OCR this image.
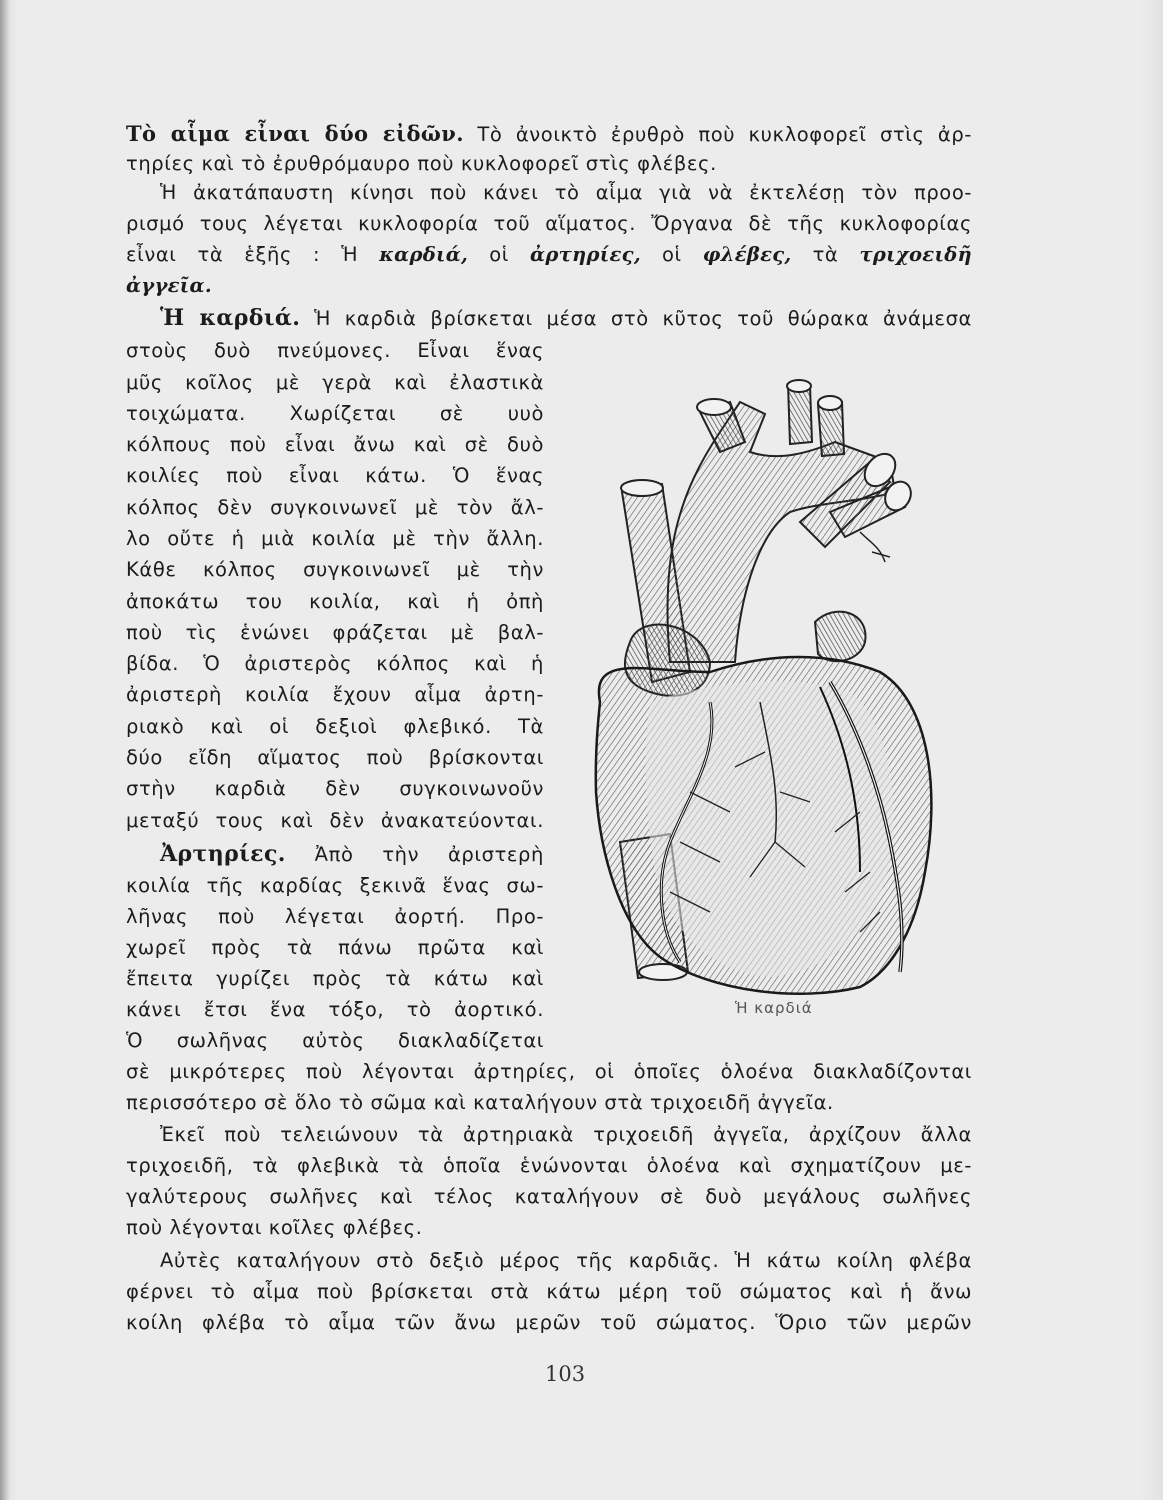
Τὸ αἷμα εἶναι δύο εἰδῶν. Τὸ ἀνοικτὸ ἐρυθρὸ ποὺ κυκλοφορεῖ στὶς ἀρ-
τηρίες καὶ τὸ ἐρυθρόμαυρο ποὺ κυκλοφορεῖ στὶς φλέβες.
Ἡ ἀκατάπαυστη κίνησι ποὺ κάνει τὸ αἷμα γιὰ νὰ ἐκτελέσῃ τὸν προο-
ρισμό τους λέγεται κυκλοφορία τοῦ αἵματος. Ὄργανα δὲ τῆς κυκλοφορίας
εἶναι τὰ ἑξῆς : Ἡ καρδιά, οἱ ἀρτηρίες, οἱ φλέβες, τὰ τριχοειδῆ
ἀγγεῖα.
Ἡ καρδιά. Ἡ καρδιὰ βρίσκεται μέσα στὸ κῦτος τοῦ θώρακα ἀνάμεσα
στοὺς δυὸ πνεύμονες. Εἶναι ἕνας
μῦς κοῖλος μὲ γερὰ καὶ ἐλαστικὰ
τοιχώματα. Χωρίζεται σὲ υυὸ
κόλπους ποὺ εἶναι ἄνω καὶ σὲ δυὸ
κοιλίες ποὺ εἶναι κάτω. Ὁ ἕνας
κόλπος δὲν συγκοινωνεῖ μὲ τὸν ἄλ-
λο οὔτε ἡ μιὰ κοιλία μὲ τὴν ἄλλη.
Κάθε κόλπος συγκοινωνεῖ μὲ τὴν
ἀποκάτω του κοιλία, καὶ ἡ ὀπὴ
ποὺ τὶς ἑνώνει φράζεται μὲ βαλ-
βίδα. Ὁ ἀριστερὸς κόλπος καὶ ἡ
ἀριστερὴ κοιλία ἔχουν αἷμα ἀρτη-
ριακὸ καὶ οἱ δεξιοὶ φλεβικό. Τὰ
δύο εἴδη αἵματος ποὺ βρίσκονται
στὴν καρδιὰ δὲν συγκοινωνοῦν
μεταξύ τους καὶ δὲν ἀνακατεύονται.
Ἀρτηρίες. Ἀπὸ τὴν ἀριστερὴ
κοιλία τῆς καρδίας ξεκινᾶ ἕνας σω-
λῆνας ποὺ λέγεται ἀορτή. Προ-
χωρεῖ πρὸς τὰ πάνω πρῶτα καὶ
ἔπειτα γυρίζει πρὸς τὰ κάτω καὶ
κάνει ἔτσι ἕνα τόξο, τὸ ἀορτικό.
Ὁ σωλῆνας αὐτὸς διακλαδίζεται
σὲ μικρότερες ποὺ λέγονται ἀρτηρίες, οἱ ὁποῖες ὁλοένα διακλαδίζονται
περισσότερο σὲ ὅλο τὸ σῶμα καὶ καταλήγουν στὰ τριχοειδῆ ἀγγεῖα.
Ἐκεῖ ποὺ τελειώνουν τὰ ἀρτηριακὰ τριχοειδῆ ἀγγεῖα, ἀρχίζουν ἄλλα
τριχοειδῆ, τὰ φλεβικὰ τὰ ὁποῖα ἑνώνονται ὁλοένα καὶ σχηματίζουν με-
γαλύτερους σωλῆνες καὶ τέλος καταλήγουν σὲ δυὸ μεγάλους σωλῆνες
ποὺ λέγονται κοῖλες φλέβες.
Αὐτὲς καταλήγουν στὸ δεξιὸ μέρος τῆς καρδιᾶς. Ἡ κάτω κοίλη φλέβα
φέρνει τὸ αἷμα ποὺ βρίσκεται στὰ κάτω μέρη τοῦ σώματος καὶ ἡ ἄνω
κοίλη φλέβα τὸ αἷμα τῶν ἄνω μερῶν τοῦ σώματος. Ὅριο τῶν μερῶν
Ἡ καρδιά
103
